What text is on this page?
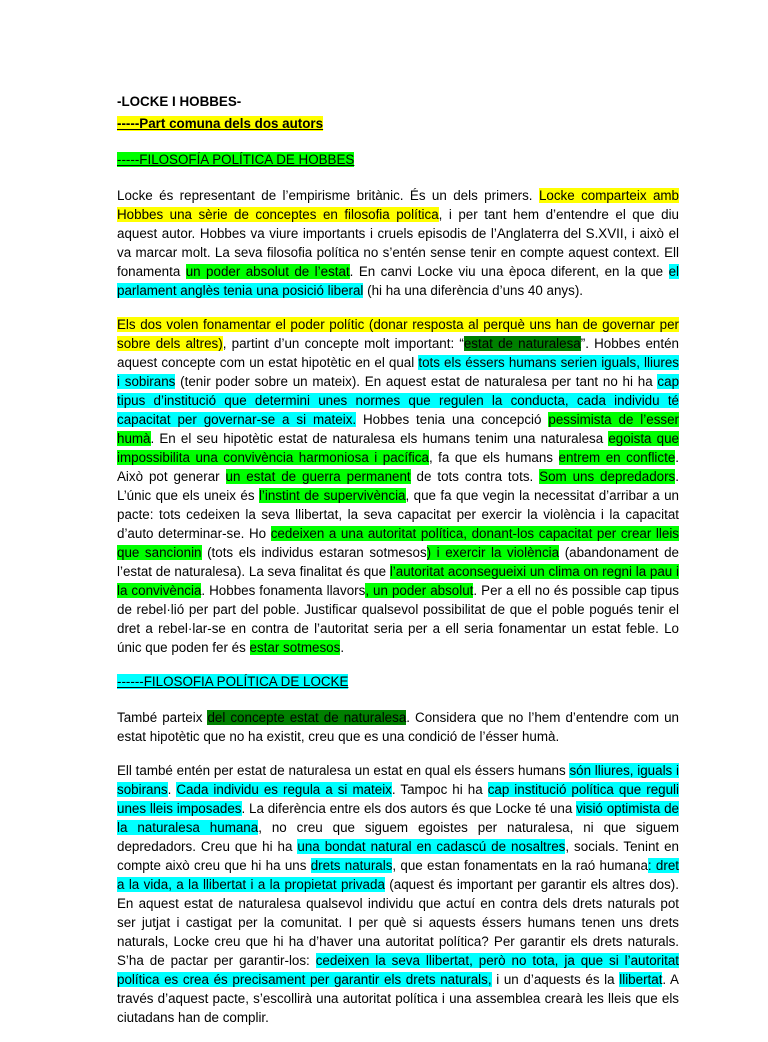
-LOCKE I HOBBES-

-----Part comuna dels dos autors

-----FILOSOFÍA POLÍTICA DE HOBBES

Locke és representant de l’empirisme britànic. És un dels primers. Locke comparteix amb Hobbes una sèrie de conceptes en filosofia política, i per tant hem d’entendre el que diu aquest autor. Hobbes va viure importants i cruels episodis de l’Anglaterra del S.XVII, i això el va marcar molt. La seva filosofia política no s’entén sense tenir en compte aquest context. Ell fonamenta un poder absolut de l’estat. En canvi Locke viu una època diferent, en la que el parlament anglès tenia una posició liberal (hi ha una diferència d’uns 40 anys).

Els dos volen fonamentar el poder polític (donar resposta al perquè uns han de governar per sobre dels altres), partint d’un concepte molt important: “estat de naturalesa”. Hobbes entén aquest concepte com un estat hipotètic en el qual tots els éssers humans serien iguals, lliures i sobirans (tenir poder sobre un mateix). En aquest estat de naturalesa per tant no hi ha cap tipus d’institució que determini unes normes que regulen la conducta, cada individu té capacitat per governar-se a si mateix. Hobbes tenia una concepció pessimista de l’esser humà. En el seu hipotètic estat de naturalesa els humans tenim una naturalesa egoista que impossibilita una convivència harmoniosa i pacífica, fa que els humans entrem en conflicte. Això pot generar un estat de guerra permanent de tots contra tots. Som uns depredadors. L’únic que els uneix és l’instint de supervivència, que fa que vegin la necessitat d’arribar a un pacte: tots cedeixen la seva llibertat, la seva capacitat per exercir la violència i la capacitat d’auto determinar-se. Ho cedeixen a una autoritat política, donant-los capacitat per crear lleis que sancionin (tots els individus estaran sotmesos) i exercir la violència (abandonament de l’estat de naturalesa). La seva finalitat és que l’autoritat aconsegueixi un clima on regni la pau i la convivència. Hobbes fonamenta llavors, un poder absolut. Per a ell no és possible cap tipus de rebel·lió per part del poble. Justificar qualsevol possibilitat de que el poble pogués tenir el dret a rebel·lar-se en contra de l’autoritat seria per a ell seria fonamentar un estat feble. Lo únic que poden fer és estar sotmesos.

------FILOSOFIA POLÍTICA DE LOCKE

També parteix del concepte estat de naturalesa. Considera que no l’hem d’entendre com un estat hipotètic que no ha existit, creu que es una condició de l’ésser humà.

Ell també entén per estat de naturalesa un estat en qual els éssers humans són lliures, iguals i sobirans. Cada individu es regula a si mateix. Tampoc hi ha cap institució política que reguli unes lleis imposades. La diferència entre els dos autors és que Locke té una visió optimista de la naturalesa humana, no creu que siguem egoistes per naturalesa, ni que siguem depredadors. Creu que hi ha una bondat natural en cadascú de nosaltres, socials. Tenint en compte això creu que hi ha uns drets naturals, que estan fonamentats en la raó humana: dret a la vida, a la llibertat i a la propietat privada (aquest és important per garantir els altres dos). En aquest estat de naturalesa qualsevol individu que actuí en contra dels drets naturals pot ser jutjat i castigat per la comunitat. I per què si aquests éssers humans tenen uns drets naturals, Locke creu que hi ha d’haver una autoritat política? Per garantir els drets naturals. S’ha de pactar per garantir-los: cedeixen la seva llibertat, però no tota, ja que si l’autoritat política es crea és precisament per garantir els drets naturals, i un d’aquests és la llibertat. A través d’aquest pacte, s’escollirà una autoritat política i una assemblea crearà les lleis que els ciutadans han de complir.
